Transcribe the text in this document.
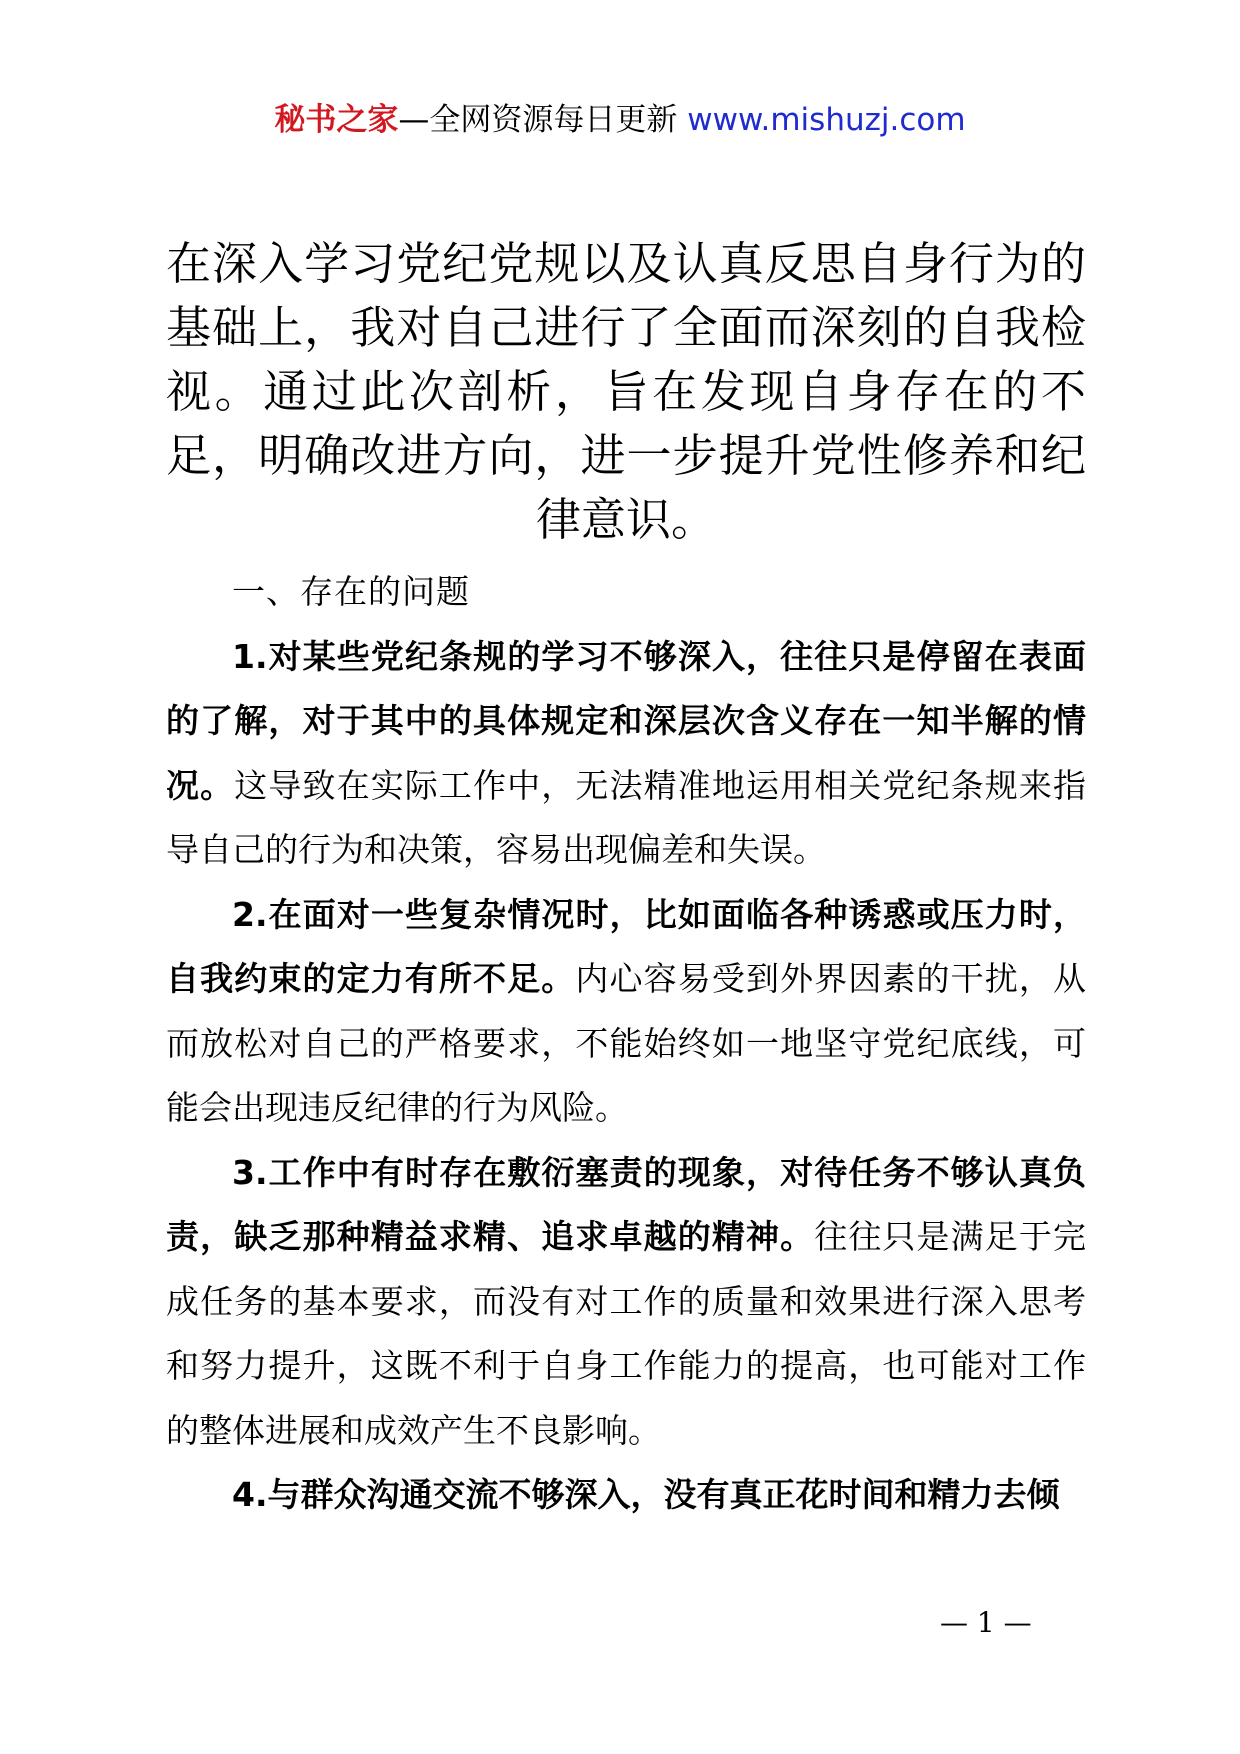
秘书之家—全网资源每日更新 www.mishuzj.com

在深入学习党纪党规以及认真反思自身行为的基础上，我对自己进行了全面而深刻的自我检视。通过此次剖析，旨在发现自身存在的不足，明确改进方向，进一步提升党性修养和纪律意识。

一、存在的问题

1.对某些党纪条规的学习不够深入，往往只是停留在表面的了解，对于其中的具体规定和深层次含义存在一知半解的情况。这导致在实际工作中，无法精准地运用相关党纪条规来指导自己的行为和决策，容易出现偏差和失误。

2.在面对一些复杂情况时，比如面临各种诱惑或压力时，自我约束的定力有所不足。内心容易受到外界因素的干扰，从而放松对自己的严格要求，不能始终如一地坚守党纪底线，可能会出现违反纪律的行为风险。

3.工作中有时存在敷衍塞责的现象，对待任务不够认真负责，缺乏那种精益求精、追求卓越的精神。往往只是满足于完成任务的基本要求，而没有对工作的质量和效果进行深入思考和努力提升，这既不利于自身工作能力的提高，也可能对工作的整体进展和成效产生不良影响。

4.与群众沟通交流不够深入，没有真正花时间和精力去倾

— 1 —
